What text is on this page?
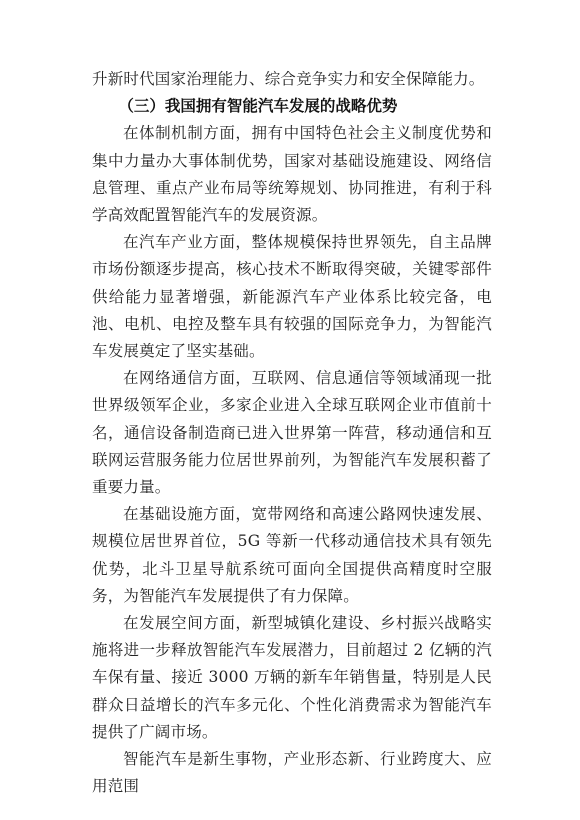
升新时代国家治理能力、综合竞争实力和安全保障能力。

（三）我国拥有智能汽车发展的战略优势

在体制机制方面，拥有中国特色社会主义制度优势和集中力量办大事体制优势，国家对基础设施建设、网络信息管理、重点产业布局等统筹规划、协同推进，有利于科学高效配置智能汽车的发展资源。

在汽车产业方面，整体规模保持世界领先，自主品牌市场份额逐步提高，核心技术不断取得突破，关键零部件供给能力显著增强，新能源汽车产业体系比较完备，电池、电机、电控及整车具有较强的国际竞争力，为智能汽车发展奠定了坚实基础。

在网络通信方面，互联网、信息通信等领域涌现一批世界级领军企业，多家企业进入全球互联网企业市值前十名，通信设备制造商已进入世界第一阵营，移动通信和互联网运营服务能力位居世界前列，为智能汽车发展积蓄了重要力量。

在基础设施方面，宽带网络和高速公路网快速发展、规模位居世界首位，5G 等新一代移动通信技术具有领先优势，北斗卫星导航系统可面向全国提供高精度时空服务，为智能汽车发展提供了有力保障。

在发展空间方面，新型城镇化建设、乡村振兴战略实施将进一步释放智能汽车发展潜力，目前超过 2 亿辆的汽车保有量、接近 3000 万辆的新车年销售量，特别是人民群众日益增长的汽车多元化、个性化消费需求为智能汽车提供了广阔市场。

智能汽车是新生事物，产业形态新、行业跨度大、应用范围
